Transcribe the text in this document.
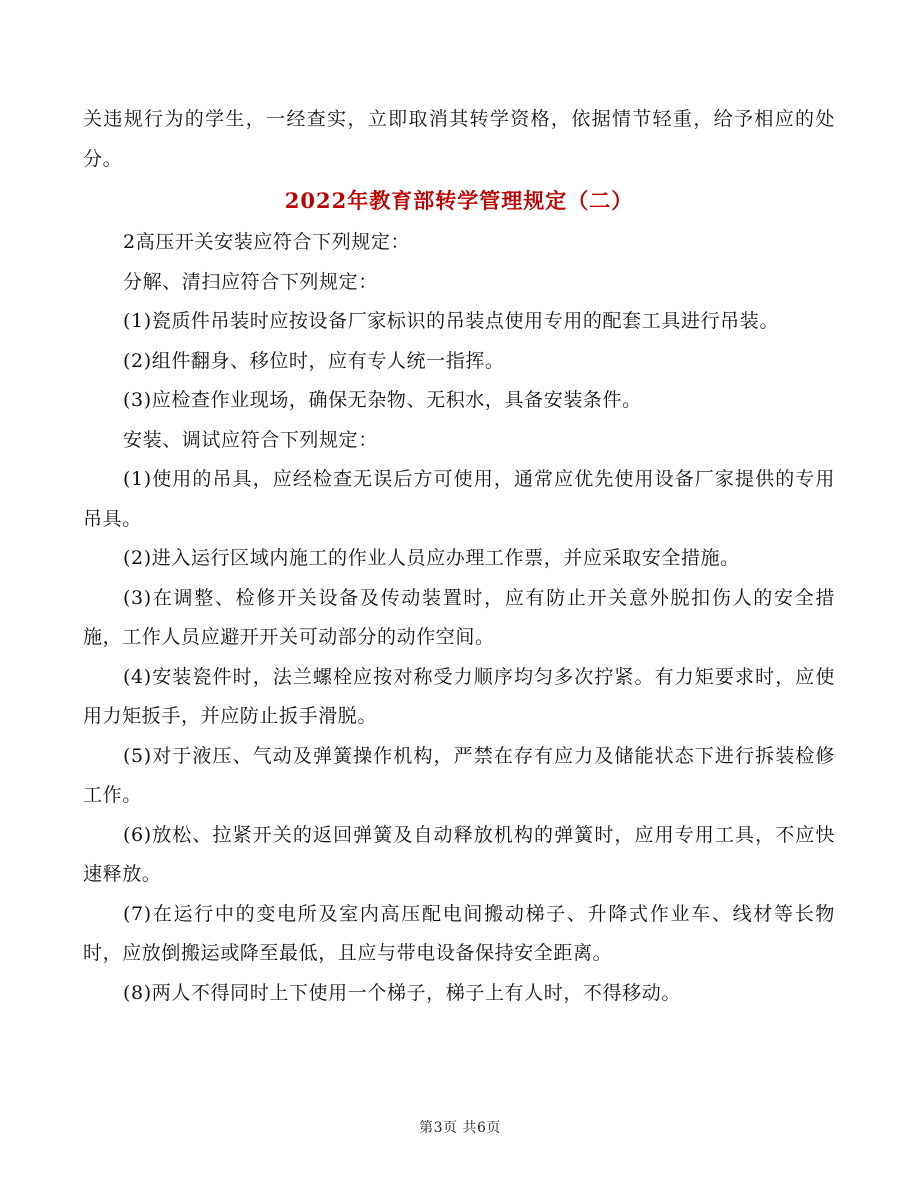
关违规行为的学生，一经查实，立即取消其转学资格，依据情节轻重，给予相应的处分。

2022年教育部转学管理规定（二）

2高压开关安装应符合下列规定：

分解、清扫应符合下列规定：

(1)瓷质件吊装时应按设备厂家标识的吊装点使用专用的配套工具进行吊装。

(2)组件翻身、移位时，应有专人统一指挥。

(3)应检查作业现场，确保无杂物、无积水，具备安装条件。

安装、调试应符合下列规定：

(1)使用的吊具，应经检查无误后方可使用，通常应优先使用设备厂家提供的专用吊具。

(2)进入运行区域内施工的作业人员应办理工作票，并应采取安全措施。

(3)在调整、检修开关设备及传动装置时，应有防止开关意外脱扣伤人的安全措施，工作人员应避开开关可动部分的动作空间。

(4)安装瓷件时，法兰螺栓应按对称受力顺序均匀多次拧紧。有力矩要求时，应使用力矩扳手，并应防止扳手滑脱。

(5)对于液压、气动及弹簧操作机构，严禁在存有应力及储能状态下进行拆装检修工作。

(6)放松、拉紧开关的返回弹簧及自动释放机构的弹簧时，应用专用工具，不应快速释放。

(7)在运行中的变电所及室内高压配电间搬动梯子、升降式作业车、线材等长物时，应放倒搬运或降至最低，且应与带电设备保持安全距离。

(8)两人不得同时上下使用一个梯子，梯子上有人时，不得移动。

第3页 共6页
